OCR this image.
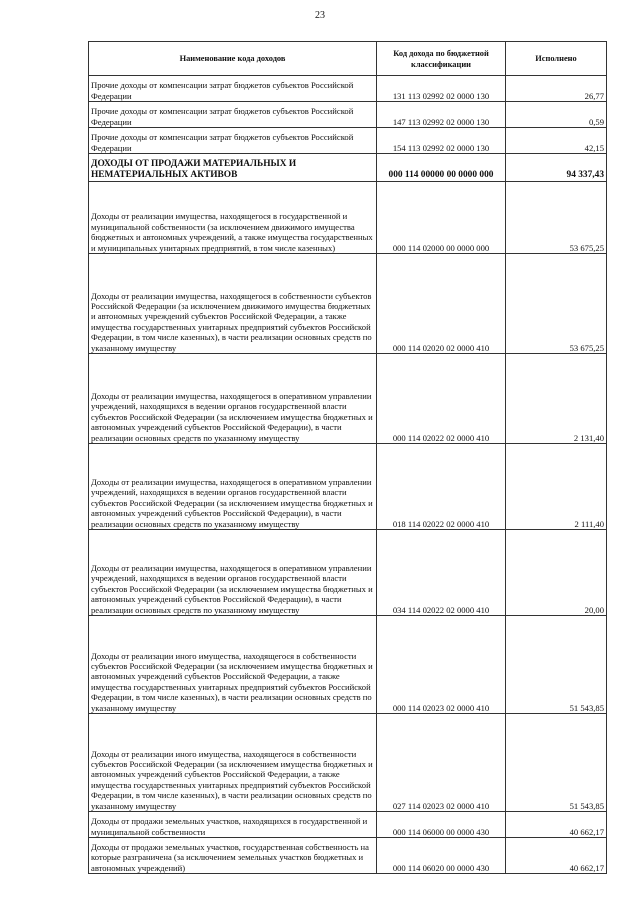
23
Наименование кода доходов	Код дохода по бюджетной классификации	Исполнено
Прочие доходы от компенсации затрат бюджетов субъектов Российской Федерации	131 113 02992 02 0000 130	26,77
Прочие доходы от компенсации затрат бюджетов субъектов Российской Федерации	147 113 02992 02 0000 130	0,59
Прочие доходы от компенсации затрат бюджетов субъектов Российской Федерации	154 113 02992 02 0000 130	42,15
ДОХОДЫ ОТ ПРОДАЖИ МАТЕРИАЛЬНЫХ И НЕМАТЕРИАЛЬНЫХ АКТИВОВ	000 114 00000 00 0000 000	94 337,43
Доходы от реализации имущества, находящегося в государственной и муниципальной собственности (за исключением движимого имущества бюджетных и автономных учреждений, а также имущества государственных и муниципальных унитарных предприятий, в том числе казенных)	000 114 02000 00 0000 000	53 675,25
Доходы от реализации имущества, находящегося в собственности субъектов Российской Федерации (за исключением движимого имущества бюджетных и автономных учреждений субъектов Российской Федерации, а также имущества государственных унитарных предприятий субъектов Российской Федерации, в том числе казенных), в части реализации основных средств по указанному имуществу	000 114 02020 02 0000 410	53 675,25
Доходы от реализации имущества, находящегося в оперативном управлении учреждений, находящихся в ведении органов государственной власти субъектов Российской Федерации (за исключением имущества бюджетных и автономных учреждений субъектов Российской Федерации), в части реализации основных средств по указанному имуществу	000 114 02022 02 0000 410	2 131,40
Доходы от реализации имущества, находящегося в оперативном управлении учреждений, находящихся в ведении органов государственной власти субъектов Российской Федерации (за исключением имущества бюджетных и автономных учреждений субъектов Российской Федерации), в части реализации основных средств по указанному имуществу	018 114 02022 02 0000 410	2 111,40
Доходы от реализации имущества, находящегося в оперативном управлении учреждений, находящихся в ведении органов государственной власти субъектов Российской Федерации (за исключением имущества бюджетных и автономных учреждений субъектов Российской Федерации), в части реализации основных средств по указанному имуществу	034 114 02022 02 0000 410	20,00
Доходы от реализации иного имущества, находящегося в собственности субъектов Российской Федерации (за исключением имущества бюджетных и автономных учреждений субъектов Российской Федерации, а также имущества государственных унитарных предприятий субъектов Российской Федерации, в том числе казенных), в части реализации основных средств по указанному имуществу	000 114 02023 02 0000 410	51 543,85
Доходы от реализации иного имущества, находящегося в собственности субъектов Российской Федерации (за исключением имущества бюджетных и автономных учреждений субъектов Российской Федерации, а также имущества государственных унитарных предприятий субъектов Российской Федерации, в том числе казенных), в части реализации основных средств по указанному имуществу	027 114 02023 02 0000 410	51 543,85
Доходы от продажи земельных участков, находящихся в государственной и муниципальной собственности	000 114 06000 00 0000 430	40 662,17
Доходы от продажи земельных участков, государственная собственность на которые разграничена (за исключением земельных участков бюджетных и автономных учреждений)	000 114 06020 00 0000 430	40 662,17
